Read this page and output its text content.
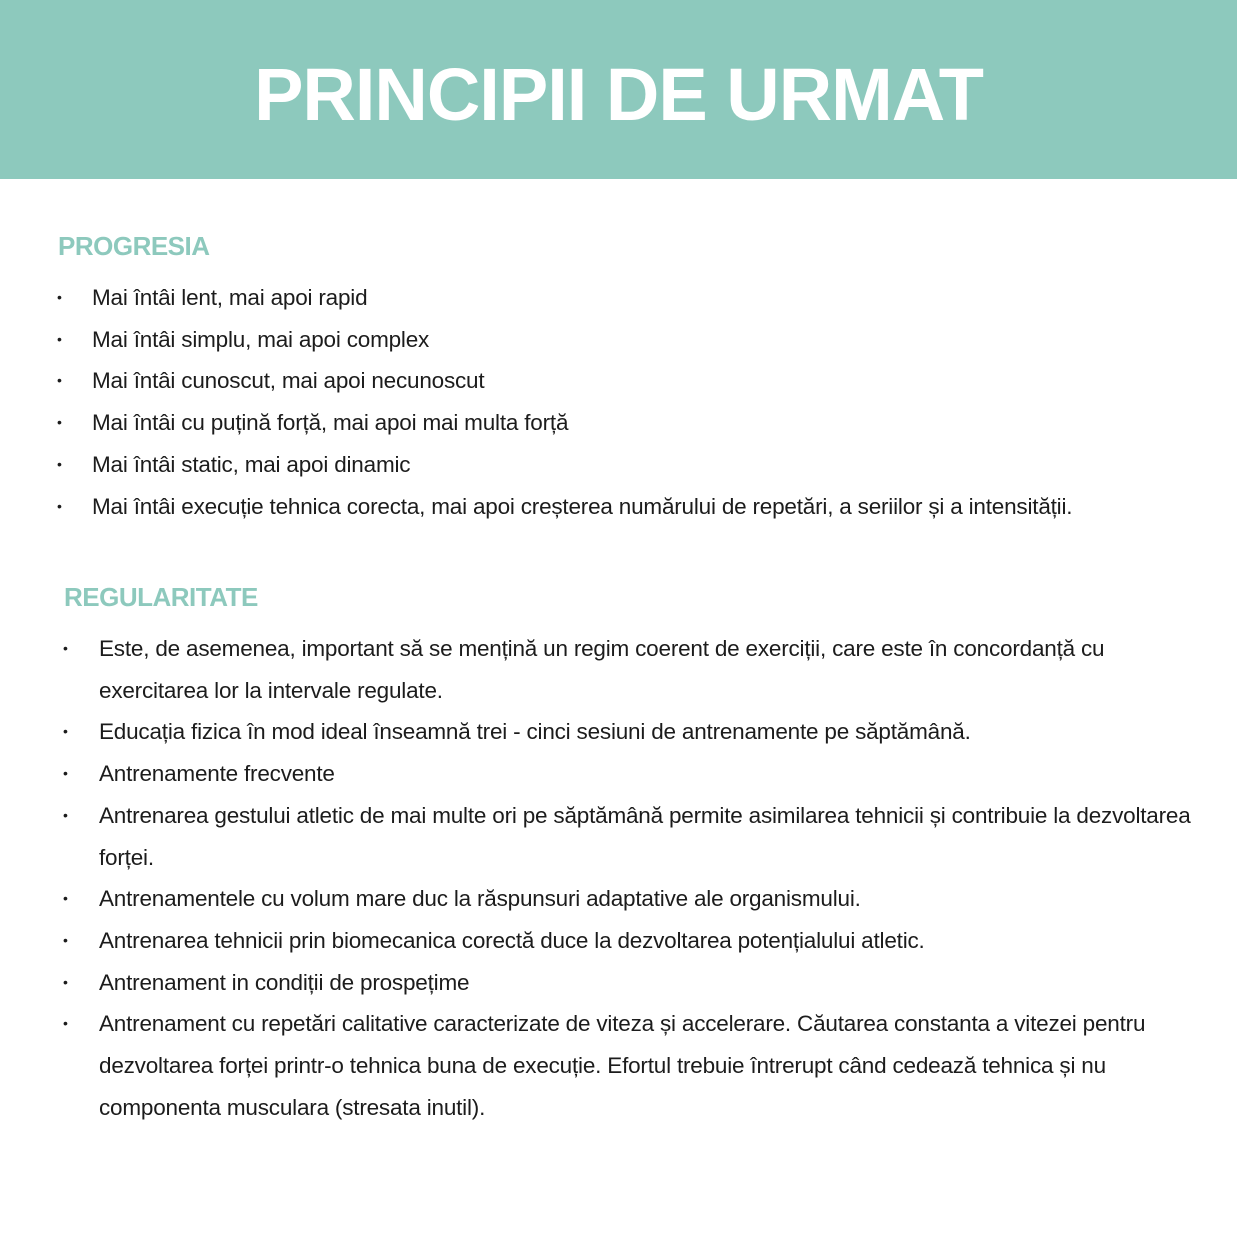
PRINCIPII DE URMAT
PROGRESIA
• Mai întâi lent, mai apoi rapid
• Mai întâi simplu, mai apoi complex
• Mai întâi cunoscut, mai apoi necunoscut
• Mai întâi cu puțină forță, mai apoi mai multa forță
• Mai întâi static, mai apoi dinamic
• Mai întâi execuție tehnica corecta, mai apoi creșterea numărului de repetări, a seriilor și a intensității.
REGULARITATE
• Este, de asemenea, important să se mențină un regim coerent de exerciții, care este în concordanță cu exercitarea lor la intervale regulate.
• Educația fizica în mod ideal înseamnă trei - cinci sesiuni de antrenamente pe săptămână.
• Antrenamente frecvente
• Antrenarea gestului atletic de mai multe ori pe săptămână permite asimilarea tehnicii și contribuie la dezvoltarea forței.
• Antrenamentele cu volum mare duc la răspunsuri adaptative ale organismului.
• Antrenarea tehnicii prin biomecanica corectă duce la dezvoltarea potențialului atletic.
• Antrenament in condiții de prospețime
• Antrenament cu repetări calitative caracterizate de viteza și accelerare. Căutarea constanta a vitezei pentru dezvoltarea forței printr-o tehnica buna de execuție. Efortul trebuie întrerupt când cedează tehnica și nu componenta musculara (stresata inutil).
